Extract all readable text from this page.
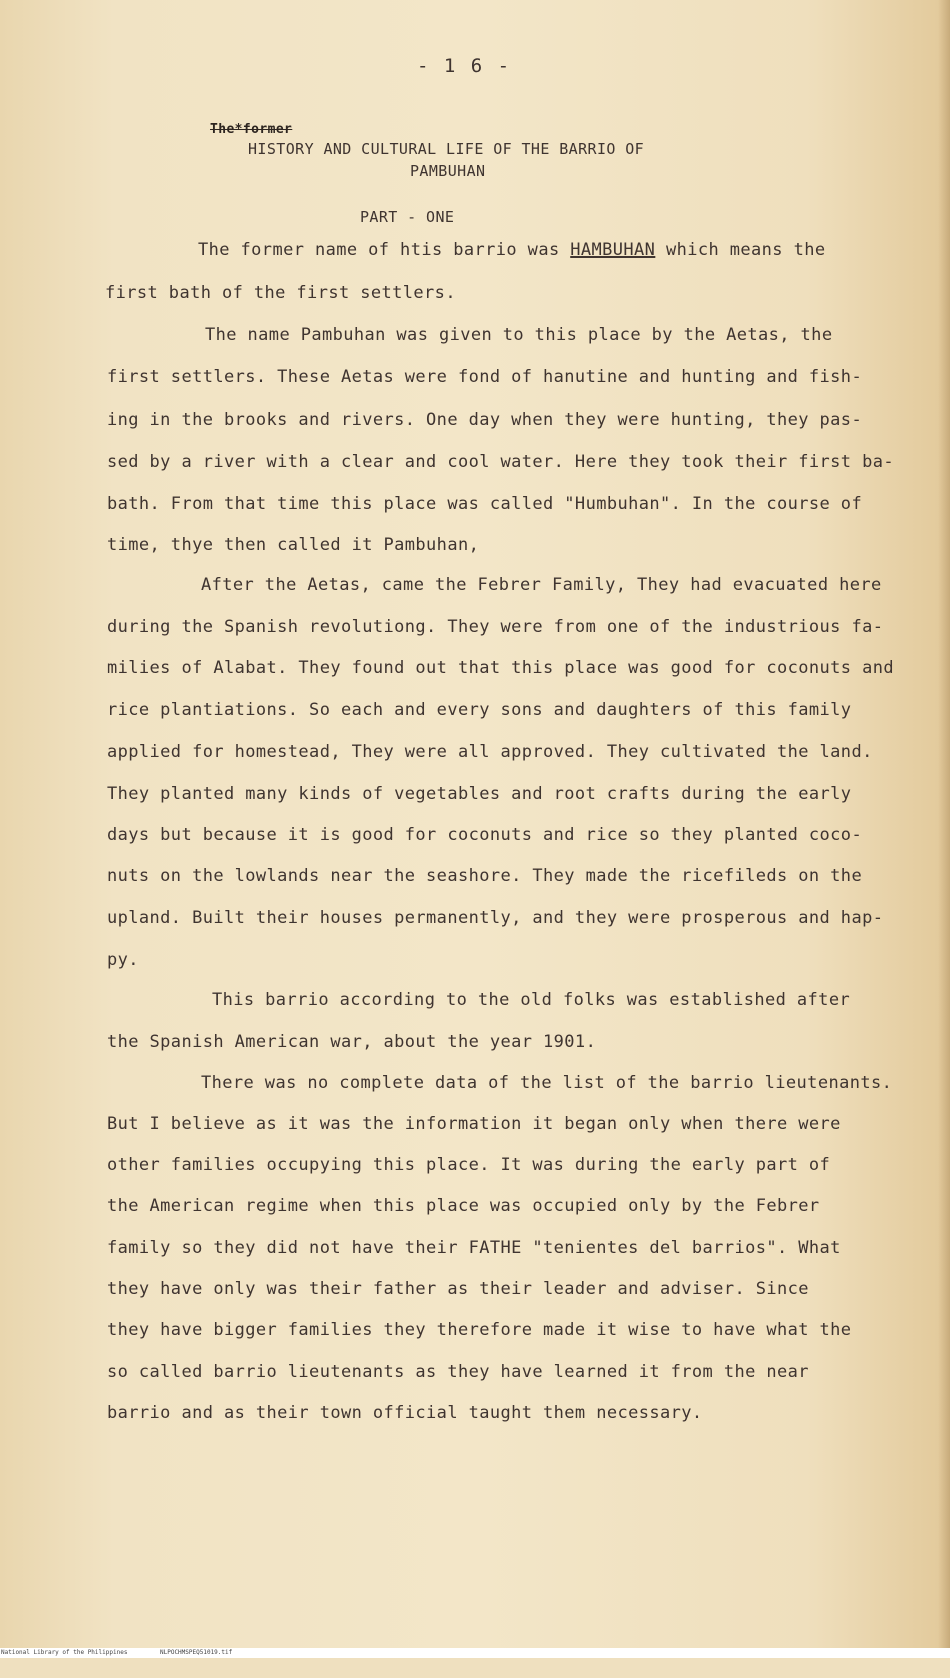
- 1 6 -
The*former
HISTORY AND CULTURAL LIFE OF THE BARRIO OF
PAMBUHAN
PART - ONE
The former name of htis barrio was HAMBUHAN which means the
first bath of the first settlers.
The name Pambuhan was given to this place by the Aetas, the
first settlers. These Aetas were fond of hanutine and hunting and fish-
ing in the brooks and rivers. One day when they were hunting, they pas-
sed by a river with a clear and cool water. Here they took their first ba-
bath. From that time this place was called "Humbuhan". In the course of
time, thye then called it Pambuhan,
After the Aetas, came the Febrer Family, They had evacuated here
during the Spanish revolutiong. They were from one of the industrious fa-
milies of Alabat. They found out that this place was good for coconuts and
rice plantiations. So each and every sons and daughters of this family
applied for homestead, They were all approved. They cultivated the land.
They planted many kinds of vegetables and root crafts during the early
days but because it is good for coconuts and rice so they planted coco-
nuts on the lowlands near the seashore. They made the ricefileds on the
upland. Built their houses permanently, and they were prosperous and hap-
py.
This barrio according to the old folks was established after
the Spanish American war, about the year 1901.
There was no complete data of the list of the barrio lieutenants.
But I believe as it was the information it began only when there were
other families occupying this place. It was during the early part of
the American regime when this place was occupied only by the Febrer
family so they did not have their FATHE "tenientes del barrios". What
they have only was their father as their leader and adviser. Since
they have bigger families they therefore made it wise to have what the
so called barrio lieutenants as they have learned it from the near
barrio and as their town official taught them necessary.

National Library of the Philippines

	NLPOCHMSPEQ51019.tif
